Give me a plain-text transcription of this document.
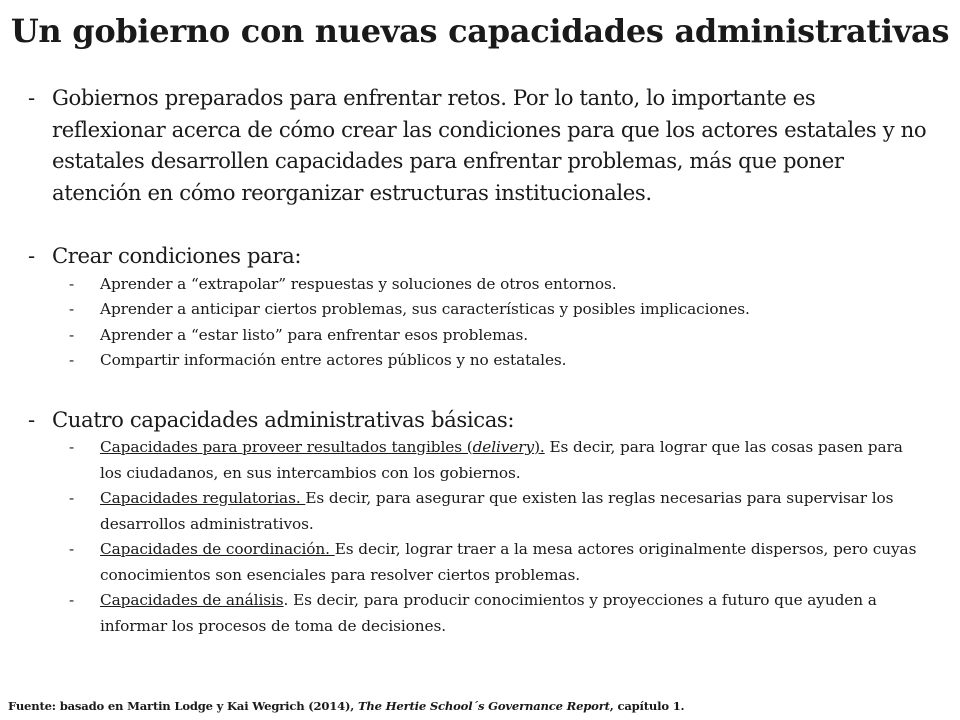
Un gobierno con nuevas capacidades administrativas
- Gobiernos preparados para enfrentar retos. Por lo tanto, lo importante es reflexionar acerca de cómo crear las condiciones para que los actores estatales y no estatales desarrollen capacidades para enfrentar problemas, más que poner atención en cómo reorganizar estructuras institucionales.
- Crear condiciones para:
-	Aprender a “extrapolar” respuestas y soluciones de otros entornos.
-	Aprender a anticipar ciertos problemas, sus características y posibles implicaciones.
-	Aprender a “estar listo” para enfrentar esos problemas.
-	Compartir información entre actores públicos y no estatales.
- Cuatro capacidades administrativas básicas:
-	Capacidades para proveer resultados tangibles (delivery). Es decir, para lograr que las cosas pasen para los ciudadanos, en sus intercambios con los gobiernos.
-	Capacidades regulatorias. Es decir, para asegurar que existen las reglas necesarias para supervisar los desarrollos administrativos.
-	Capacidades de coordinación. Es decir, lograr traer a la mesa actores originalmente dispersos, pero cuyas conocimientos son esenciales para resolver ciertos problemas.
-	Capacidades de análisis. Es decir, para producir conocimientos y proyecciones a futuro que ayuden a informar los procesos de toma de decisiones.
Fuente: basado en Martin Lodge y Kai Wegrich (2014), The Hertie School´s Governance Report, capítulo 1.
